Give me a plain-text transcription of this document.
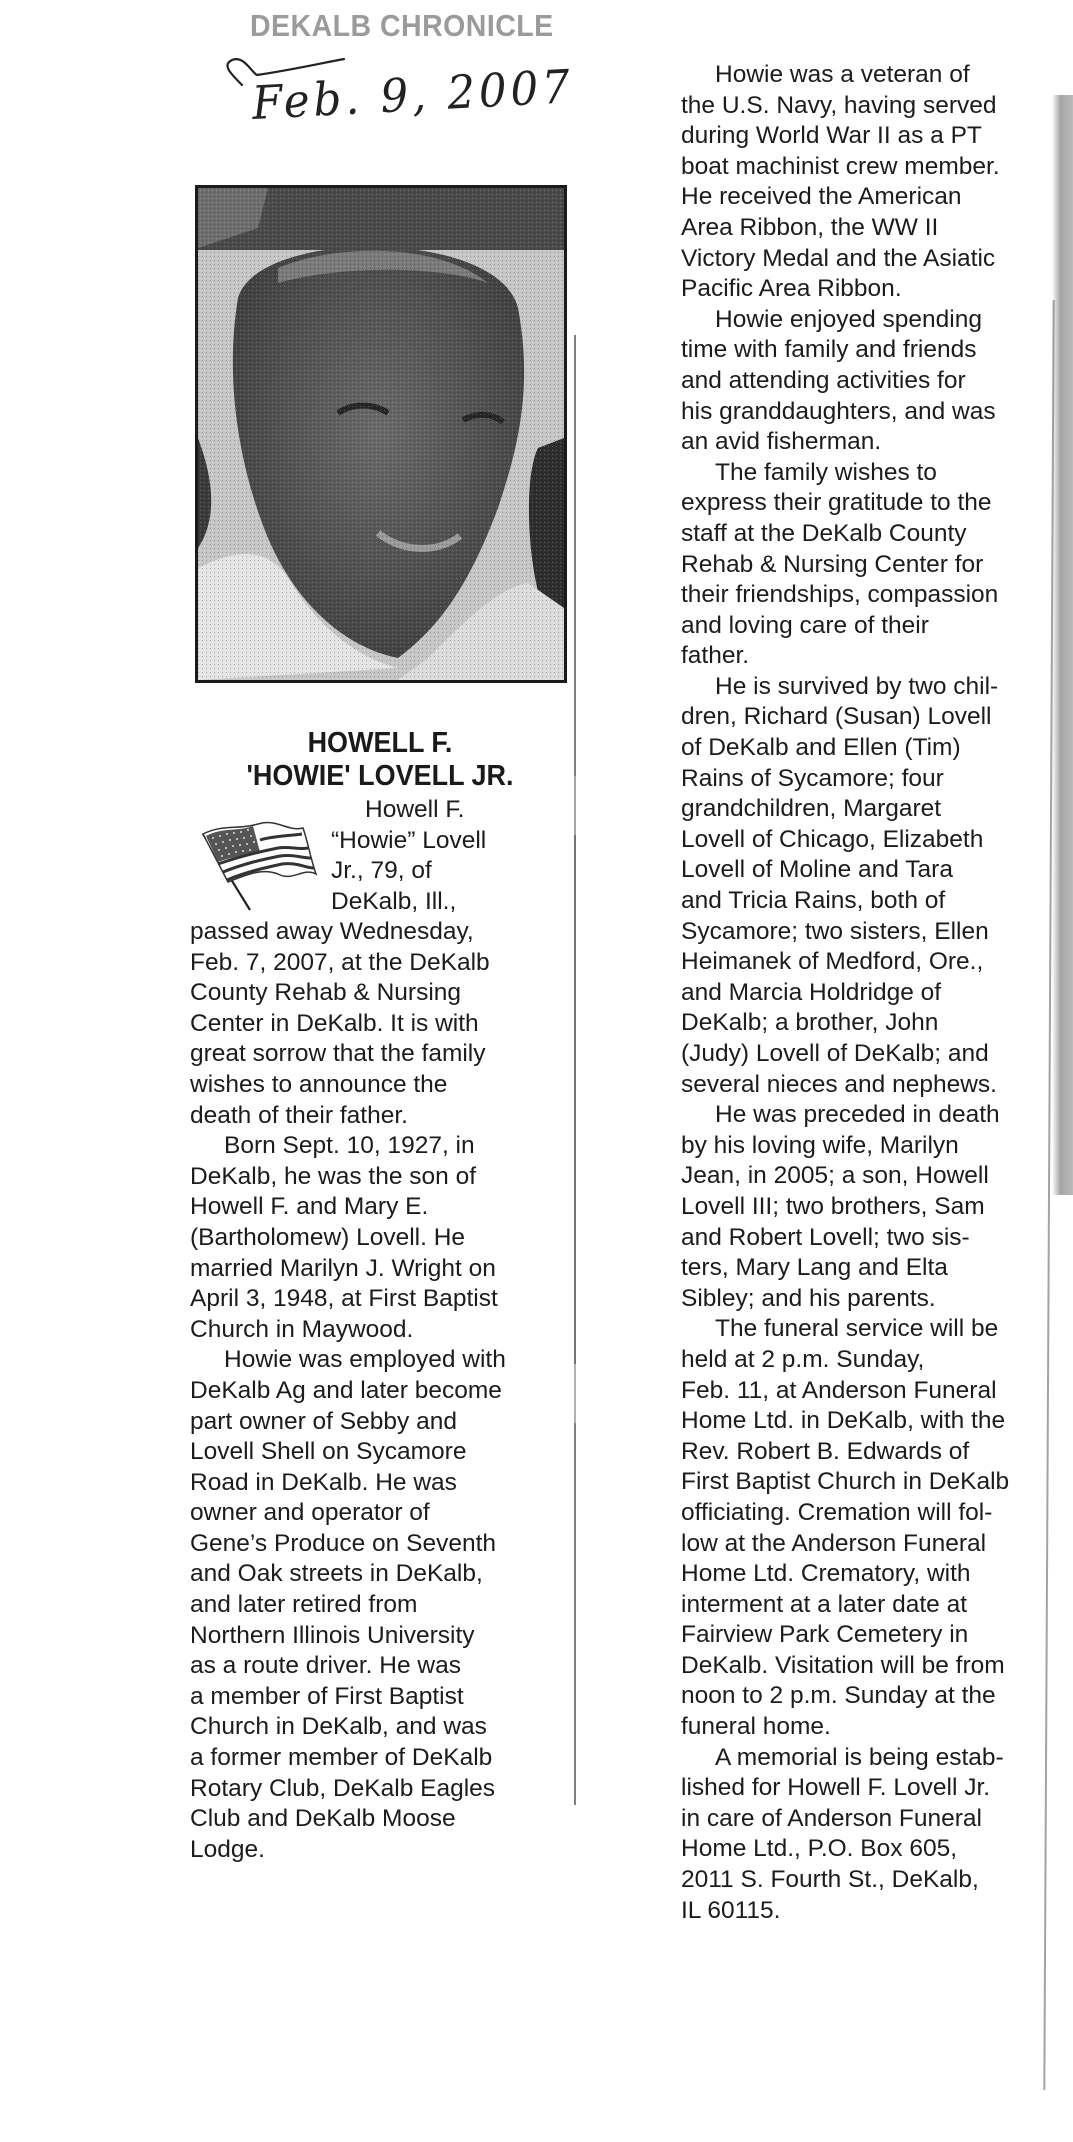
DEKALB CHRONICLE
Feb. 9, 2007
HOWELL F.
'HOWIE' LOVELL JR.
Howell F.
“Howie” Lovell
Jr., 79, of
DeKalb, Ill.,
passed away Wednesday,
Feb. 7, 2007, at the DeKalb
County Rehab & Nursing
Center in DeKalb. It is with
great sorrow that the family
wishes to announce the
death of their father.
Born Sept. 10, 1927, in
DeKalb, he was the son of
Howell F. and Mary E.
(Bartholomew) Lovell. He
married Marilyn J. Wright on
April 3, 1948, at First Baptist
Church in Maywood.
Howie was employed with
DeKalb Ag and later become
part owner of Sebby and
Lovell Shell on Sycamore
Road in DeKalb. He was
owner and operator of
Gene’s Produce on Seventh
and Oak streets in DeKalb,
and later retired from
Northern Illinois University
as a route driver. He was
a member of First Baptist
Church in DeKalb, and was
a former member of DeKalb
Rotary Club, DeKalb Eagles
Club and DeKalb Moose
Lodge.
Howie was a veteran of
the U.S. Navy, having served
during World War II as a PT
boat machinist crew member.
He received the American
Area Ribbon, the WW II
Victory Medal and the Asiatic
Pacific Area Ribbon.
Howie enjoyed spending
time with family and friends
and attending activities for
his granddaughters, and was
an avid fisherman.
The family wishes to
express their gratitude to the
staff at the DeKalb County
Rehab & Nursing Center for
their friendships, compassion
and loving care of their
father.
He is survived by two chil-
dren, Richard (Susan) Lovell
of DeKalb and Ellen (Tim)
Rains of Sycamore; four
grandchildren, Margaret
Lovell of Chicago, Elizabeth
Lovell of Moline and Tara
and Tricia Rains, both of
Sycamore; two sisters, Ellen
Heimanek of Medford, Ore.,
and Marcia Holdridge of
DeKalb; a brother, John
(Judy) Lovell of DeKalb; and
several nieces and nephews.
He was preceded in death
by his loving wife, Marilyn
Jean, in 2005; a son, Howell
Lovell III; two brothers, Sam
and Robert Lovell; two sis-
ters, Mary Lang and Elta
Sibley; and his parents.
The funeral service will be
held at 2 p.m. Sunday,
Feb. 11, at Anderson Funeral
Home Ltd. in DeKalb, with the
Rev. Robert B. Edwards of
First Baptist Church in DeKalb
officiating. Cremation will fol-
low at the Anderson Funeral
Home Ltd. Crematory, with
interment at a later date at
Fairview Park Cemetery in
DeKalb. Visitation will be from
noon to 2 p.m. Sunday at the
funeral home.
A memorial is being estab-
lished for Howell F. Lovell Jr.
in care of Anderson Funeral
Home Ltd., P.O. Box 605,
2011 S. Fourth St., DeKalb,
IL 60115.
